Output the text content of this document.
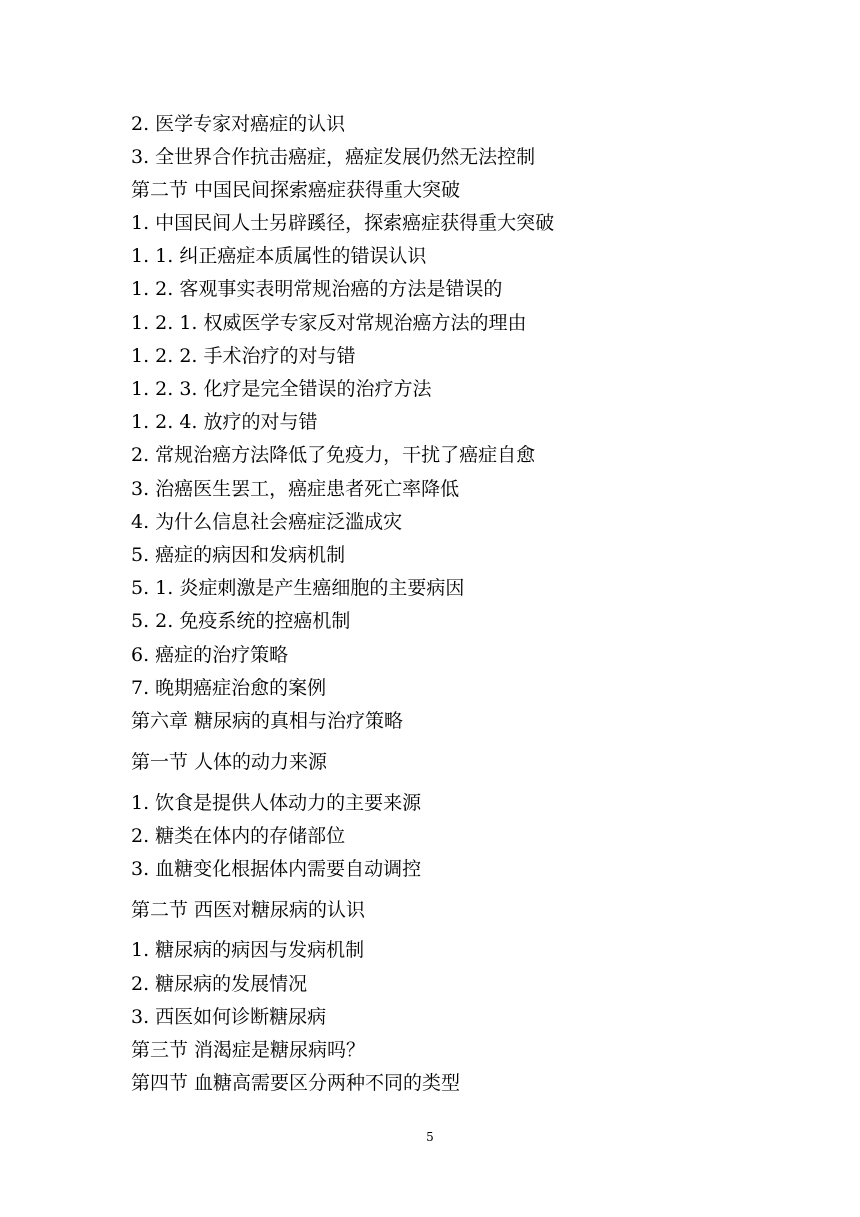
2. 医学专家对癌症的认识
3. 全世界合作抗击癌症，癌症发展仍然无法控制
第二节 中国民间探索癌症获得重大突破
1. 中国民间人士另辟蹊径，探索癌症获得重大突破
1. 1. 纠正癌症本质属性的错误认识
1. 2. 客观事实表明常规治癌的方法是错误的
1. 2. 1. 权威医学专家反对常规治癌方法的理由
1. 2. 2. 手术治疗的对与错
1. 2. 3. 化疗是完全错误的治疗方法
1. 2. 4. 放疗的对与错
2. 常规治癌方法降低了免疫力，干扰了癌症自愈
3. 治癌医生罢工，癌症患者死亡率降低
4. 为什么信息社会癌症泛滥成灾
5. 癌症的病因和发病机制
5. 1. 炎症刺激是产生癌细胞的主要病因
5. 2. 免疫系统的控癌机制
6. 癌症的治疗策略
7. 晚期癌症治愈的案例
第六章 糖尿病的真相与治疗策略
第一节 人体的动力来源
1. 饮食是提供人体动力的主要来源
2. 糖类在体内的存储部位
3. 血糖变化根据体内需要自动调控
第二节 西医对糖尿病的认识
1. 糖尿病的病因与发病机制
2. 糖尿病的发展情况
3. 西医如何诊断糖尿病
第三节 消渴症是糖尿病吗？
第四节 血糖高需要区分两种不同的类型
5
